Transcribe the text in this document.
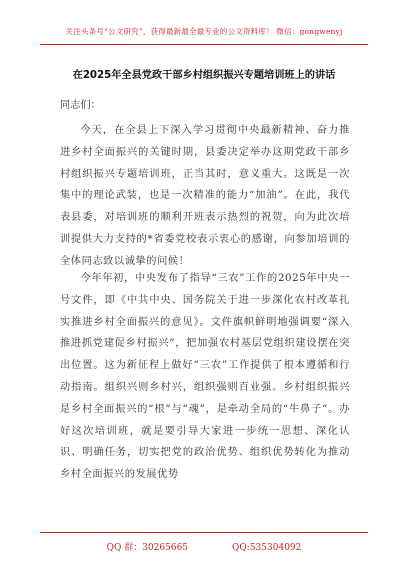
关注头条号“公文研究”，获得最新最全最专业的公文资料库！ 微信：gongwenyj
在2025年全县党政干部乡村组织振兴专题培训班上的讲话
同志们：
今天，在全县上下深入学习贯彻中央最新精神、奋力推进乡村全面振兴的关键时期，县委决定举办这期党政干部乡村组织振兴专题培训班，正当其时，意义重大。这既是一次集中的理论武装，也是一次精准的能力“加油”。在此，我代表县委，对培训班的顺利开班表示热烈的祝贺，向为此次培训提供大力支持的*省委党校表示衷心的感谢，向参加培训的全体同志致以诚挚的问候！
今年年初，中央发布了指导“三农”工作的2025年中央一号文件，即《中共中央、国务院关于进一步深化农村改革扎实推进乡村全面振兴的意见》。文件旗帜鲜明地强调要“深入推进抓党建促乡村振兴”，把加强农村基层党组织建设摆在突出位置。这为新征程上做好“三农”工作提供了根本遵循和行动指南。组织兴则乡村兴，组织强则百业强。乡村组织振兴是乡村全面振兴的“根”与“魂”，是牵动全局的“牛鼻子”。办好这次培训班，就是要引导大家进一步统一思想、深化认识、明确任务，切实把党的政治优势、组织优势转化为推动乡村全面振兴的发展优势
QQ 群：30265665	QQ:535304092
